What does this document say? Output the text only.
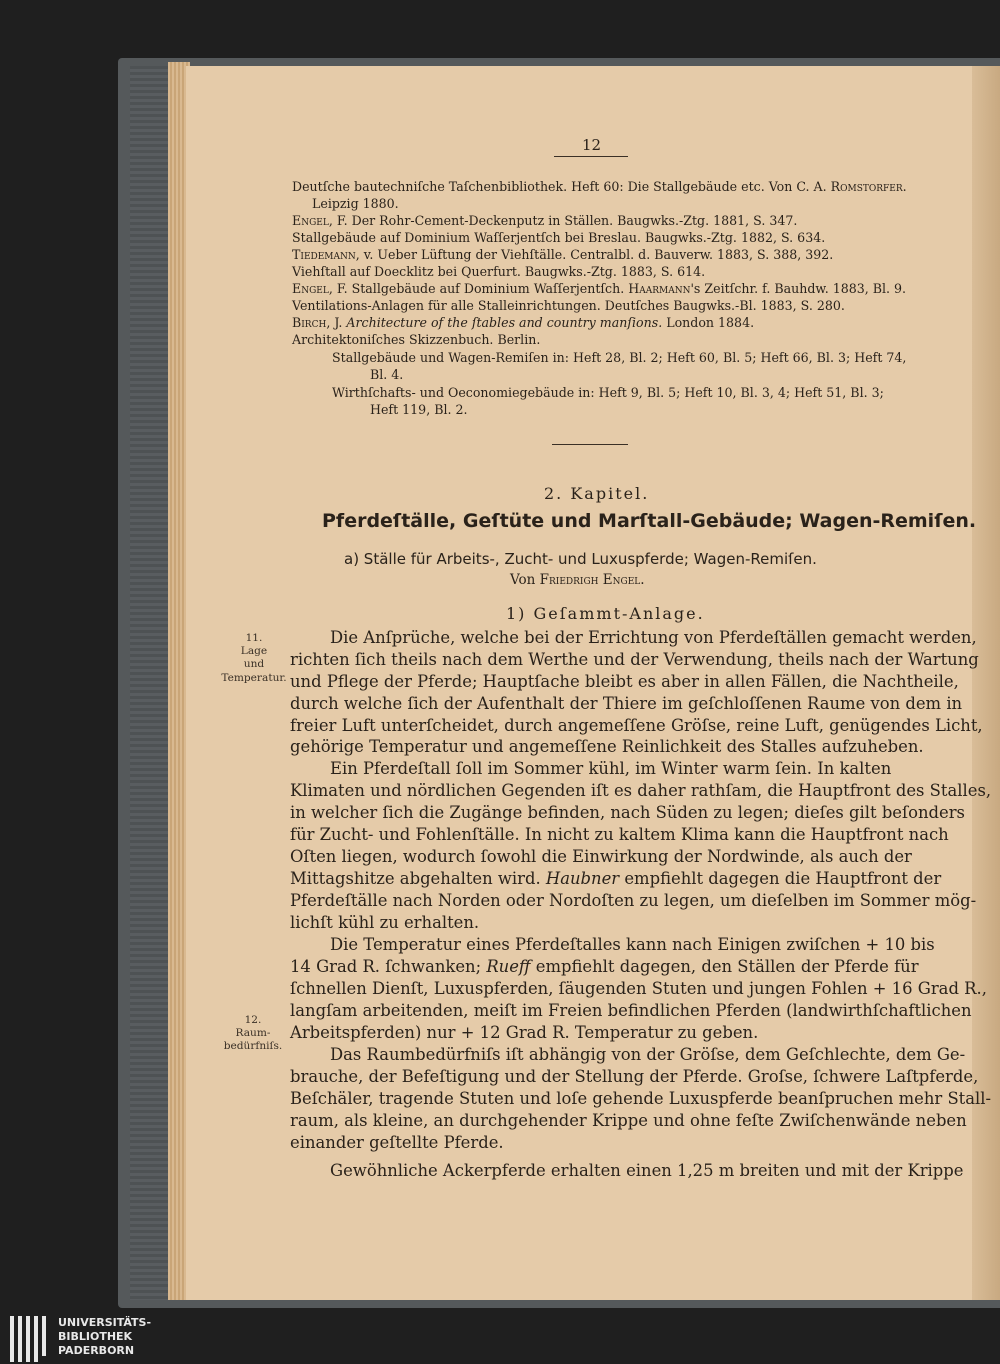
12
Deutſche bautechniſche Taſchenbibliothek. Heft 60: Die Stallgebäude etc. Von C. A. Romstorfer.
Leipzig 1880.
Engel, F. Der Rohr-Cement-Deckenputz in Ställen. Baugwks.-Ztg. 1881, S. 347.
Stallgebäude auf Dominium Waſſerjentſch bei Breslau. Baugwks.-Ztg. 1882, S. 634.
Tiedemann, v. Ueber Lüftung der Viehſtälle. Centralbl. d. Bauverw. 1883, S. 388, 392.
Viehſtall auf Doecklitz bei Querfurt. Baugwks.-Ztg. 1883, S. 614.
Engel, F. Stallgebäude auf Dominium Waſſerjentſch. Haarmann's Zeitſchr. f. Bauhdw. 1883, Bl. 9.
Ventilations-Anlagen für alle Stalleinrichtungen. Deutſches Baugwks.-Bl. 1883, S. 280.
Birch, J. Architecture of the ſtables and country manſions. London 1884.
Architektoniſches Skizzenbuch. Berlin.
Stallgebäude und Wagen-Remiſen in: Heft 28, Bl. 2; Heft 60, Bl. 5; Heft 66, Bl. 3; Heft 74,
Bl. 4.
Wirthſchafts- und Oeconomiegebäude in: Heft 9, Bl. 5; Heft 10, Bl. 3, 4; Heft 51, Bl. 3;
Heft 119, Bl. 2.
2. Kapitel.
Pferdeſtälle, Geſtüte und Marſtall-Gebäude; Wagen-Remiſen.
a) Ställe für Arbeits-, Zucht- und Luxuspferde; Wagen-Remiſen.
Von Friedrigh Engel.
1) Geſammt-Anlage.
11.
Lage
und
Temperatur.
12.
Raum-
bedürfniſs.
Die Anſprüche, welche bei der Errichtung von Pferdeſtällen gemacht werden,
richten ſich theils nach dem Werthe und der Verwendung, theils nach der Wartung
und Pflege der Pferde; Hauptſache bleibt es aber in allen Fällen, die Nachtheile,
durch welche ſich der Aufenthalt der Thiere im geſchloſſenen Raume von dem in
freier Luft unterſcheidet, durch angemeſſene Gröſse, reine Luft, genügendes Licht,
gehörige Temperatur und angemeſſene Reinlichkeit des Stalles aufzuheben.
Ein Pferdeſtall ſoll im Sommer kühl, im Winter warm ſein. In kalten
Klimaten und nördlichen Gegenden iſt es daher rathſam, die Hauptfront des Stalles,
in welcher ſich die Zugänge befinden, nach Süden zu legen; dieſes gilt beſonders
für Zucht- und Fohlenſtälle. In nicht zu kaltem Klima kann die Hauptfront nach
Oſten liegen, wodurch ſowohl die Einwirkung der Nordwinde, als auch der
Mittagshitze abgehalten wird. Haubner empfiehlt dagegen die Hauptfront der
Pferdeſtälle nach Norden oder Nordoſten zu legen, um dieſelben im Sommer mög-
lichſt kühl zu erhalten.
Die Temperatur eines Pferdeſtalles kann nach Einigen zwiſchen + 10 bis
14 Grad R. ſchwanken; Rueff empfiehlt dagegen, den Ställen der Pferde für
ſchnellen Dienſt, Luxuspferden, ſäugenden Stuten und jungen Fohlen + 16 Grad R.,
langſam arbeitenden, meiſt im Freien befindlichen Pferden (landwirthſchaftlichen
Arbeitspferden) nur + 12 Grad R. Temperatur zu geben.
Das Raumbedürfniſs iſt abhängig von der Gröſse, dem Geſchlechte, dem Ge-
brauche, der Befeſtigung und der Stellung der Pferde. Groſse, ſchwere Laſtpferde,
Beſchäler, tragende Stuten und loſe gehende Luxuspferde beanſpruchen mehr Stall-
raum, als kleine, an durchgehender Krippe und ohne feſte Zwiſchenwände neben
einander geſtellte Pferde.
Gewöhnliche Ackerpferde erhalten einen 1,25 m breiten und mit der Krippe
UNIVERSITÄTS-
BIBLIOTHEK
PADERBORN
